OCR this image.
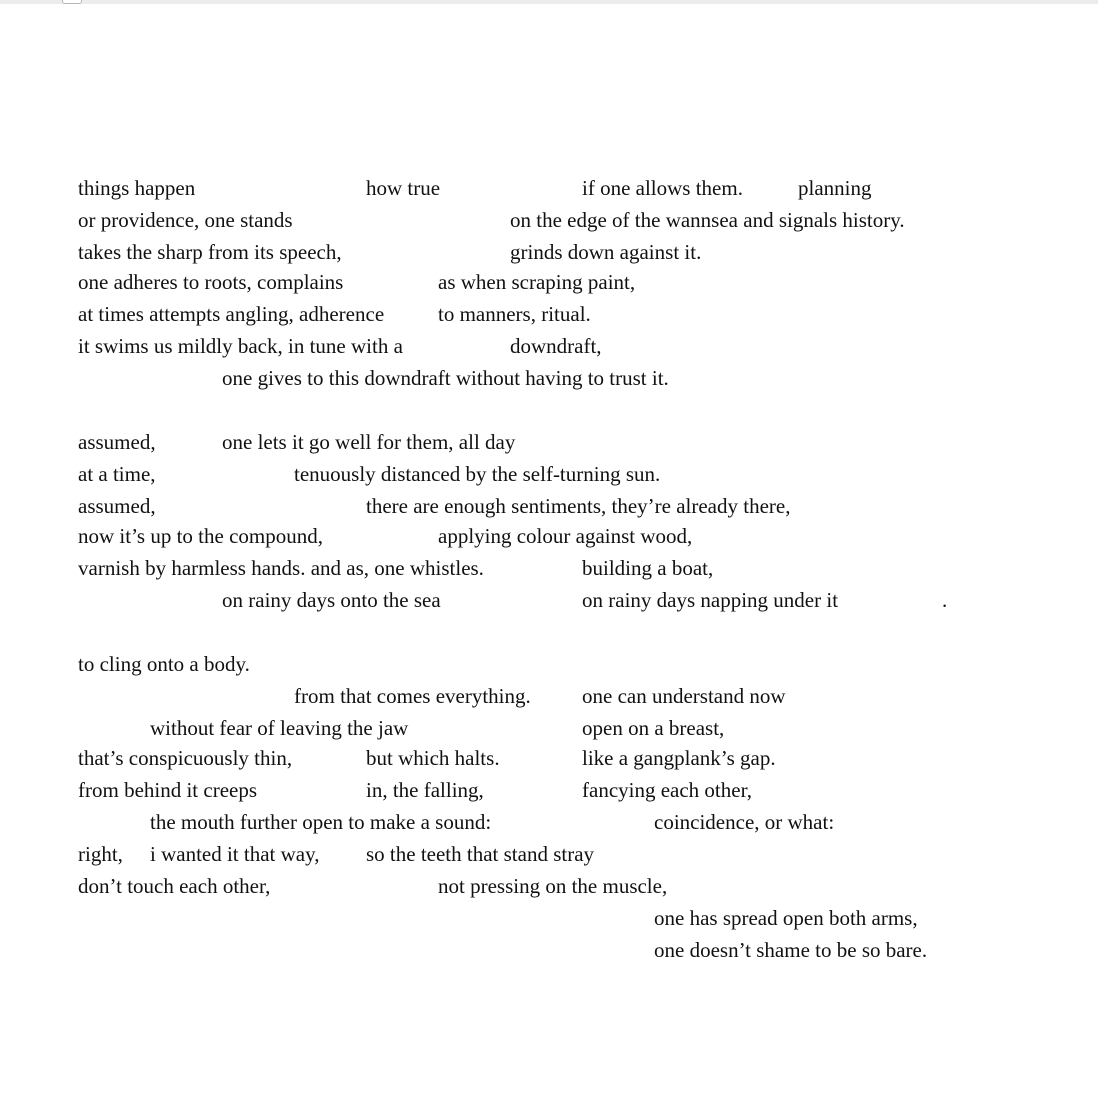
things happen	how true	if one allows them.	planning
or providence, one stands	on the edge of the wannsea and signals history.
takes the sharp from its speech,	grinds down against it.
one adheres to roots, complains	as when scraping paint,
at times attempts angling, adherence	to manners, ritual.
it swims us mildly back, in tune with a	downdraft,
one gives to this downdraft without having to trust it.
assumed,	one lets it go well for them, all day
at a time,	tenuously distanced by the self-turning sun.
assumed,	there are enough sentiments, they’re already there,
now it’s up to the compound,	applying colour against wood,
varnish by harmless hands. and as, one whistles.	building a boat,
on rainy days onto the sea	on rainy days napping under it	.
to cling onto a body.
from that comes everything. one can understand now
without fear of leaving the jaw	open on a breast,
that’s conspicuously thin,	but which halts.	like a gangplank’s gap.
from behind it creeps	in, the falling,	fancying each other,
the mouth further open to make a sound:	coincidence, or what:
right, i wanted it that way, so the teeth that stand stray
don’t touch each other,	not pressing on the muscle,
one has spread open both arms,
one doesn’t shame to be so bare.
